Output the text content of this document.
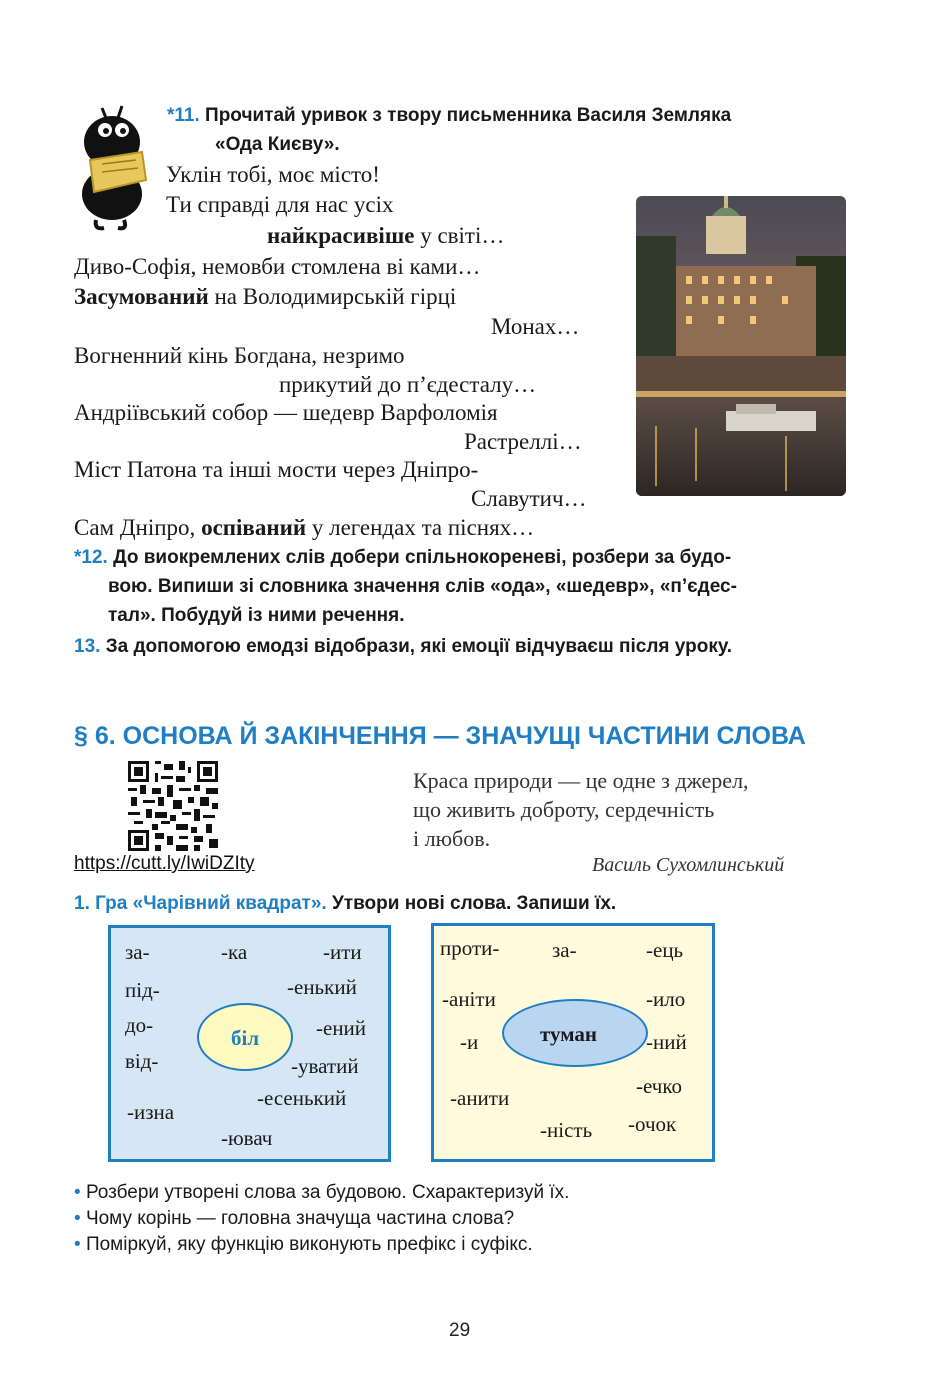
*11. Прочитай уривок з твору письменника Василя Земляка
«Ода Києву».
Уклін тобі, моє місто!
Ти справді для нас усіх
найкрасивіше у світі…
Диво-Софія, немовби стомлена ві ками…
Засумований на Володимирській гірці
Монах…
Вогненний кінь Богдана, незримо
прикутий до п’єдесталу…
Андріївський собор — шедевр Варфоломія
Растреллі…
Міст Патона та інші мости через Дніпро-
Славутич…
Сам Дніпро, оспіваний у легендах та піснях…
*12. До виокремлених слів добери спільнокореневі, розбери за будо-
вою. Випиши зі словника значення слів «ода», «шедевр», «п’єдес-
тал». Побудуй із ними речення.
13. За допомогою емодзі відобрази, які емоції відчуваєш після уроку.
§ 6. ОСНОВА Й ЗАКІНЧЕННЯ — ЗНАЧУЩІ ЧАСТИНИ СЛОВА
https://cutt.ly/IwiDZIty
Краса природи — це одне з джерел,
що живить доброту, сердечність
і любов.
Василь Сухомлинський
1. Гра «Чарівний квадрат». Утвори нові слова. Запиши їх.
біл
за-	-ка	-ити
під-	-енький
до-	-ений
від-	-уватий
-есенький
-изна
-ювач
туман
проти-	за-	-ець
-аніти	-ило
-и	-ний
-ечко
-анити
-очок
-ність
• Розбери утворені слова за будовою. Схарактеризуй їх.
• Чому корінь — головна значуща частина слова?
• Поміркуй, яку функцію виконують префікс і суфікс.
29
